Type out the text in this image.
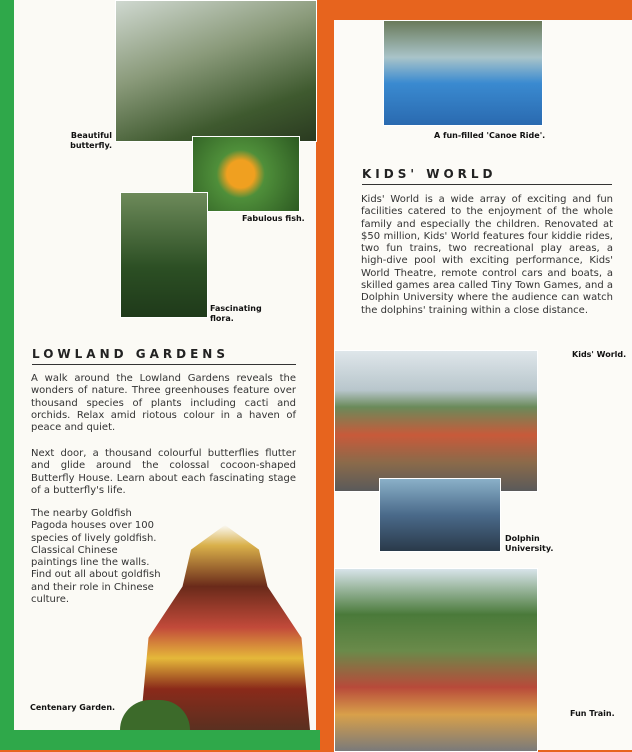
Beautiful butterfly.
Fabulous fish.
Fascinating flora.
LOWLAND GARDENS
A walk around the Lowland Gardens reveals the wonders of nature. Three greenhouses feature over thousand species of plants including cacti and orchids. Relax amid riotous colour in a haven of peace and quiet.
Next door, a thousand colourful butterflies flutter and glide around the colossal cocoon-shaped Butterfly House. Learn about each fascinating stage of a butterfly's life.
The nearby Goldfish Pagoda houses over 100 species of lively goldfish. Classical Chinese paintings line the walls. Find out all about goldfish and their role in Chinese culture.
Centenary Garden.
A fun-filled 'Canoe Ride'.
KIDS' WORLD
Kids' World is a wide array of exciting and fun facilities catered to the enjoyment of the whole family and especially the children. Renovated at $50 million, Kids' World features four kiddie rides, two fun trains, two recreational play areas, a high-dive pool with exciting performance, Kids' World Theatre, remote control cars and boats, a skilled games area called Tiny Town Games, and a Dolphin University where the audience can watch the dolphins' training within a close distance.
Kids' World.
Dolphin University.
Fun Train.
